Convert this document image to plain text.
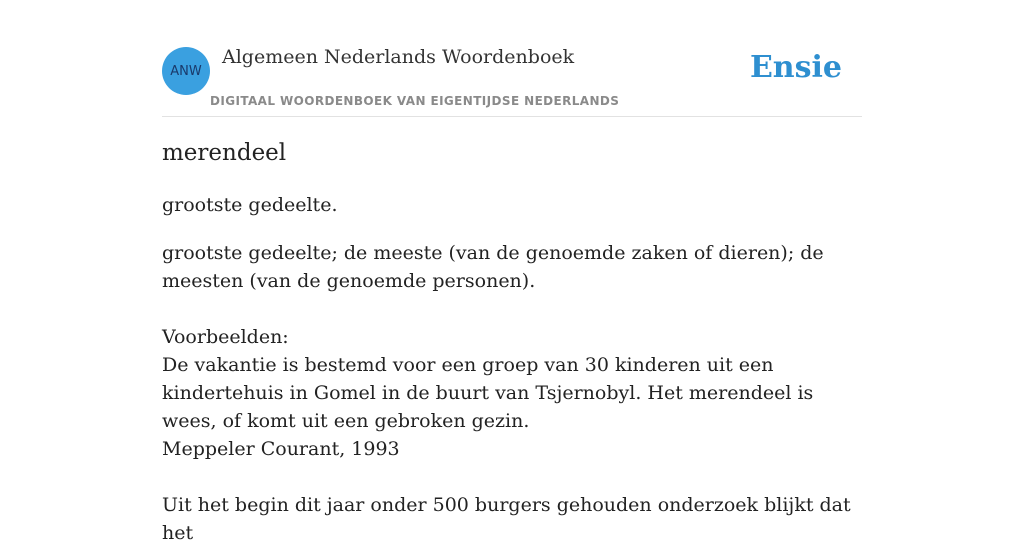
ANW
Algemeen Nederlands Woordenboek
DIGITAAL WOORDENBOEK VAN EIGENTIJDSE NEDERLANDS
Ensie
merendeel

grootste gedeelte.

grootste gedeelte; de meeste (van de genoemde zaken of dieren); de meesten (van de genoemde personen).

Voorbeelden:

De vakantie is bestemd voor een groep van 30 kinderen uit een kindertehuis in Gomel in de buurt van Tsjernobyl. Het merendeel is wees, of komt uit een gebroken gezin.

Meppeler Courant, 1993

Uit het begin dit jaar onder 500 burgers gehouden onderzoek blijkt dat het
